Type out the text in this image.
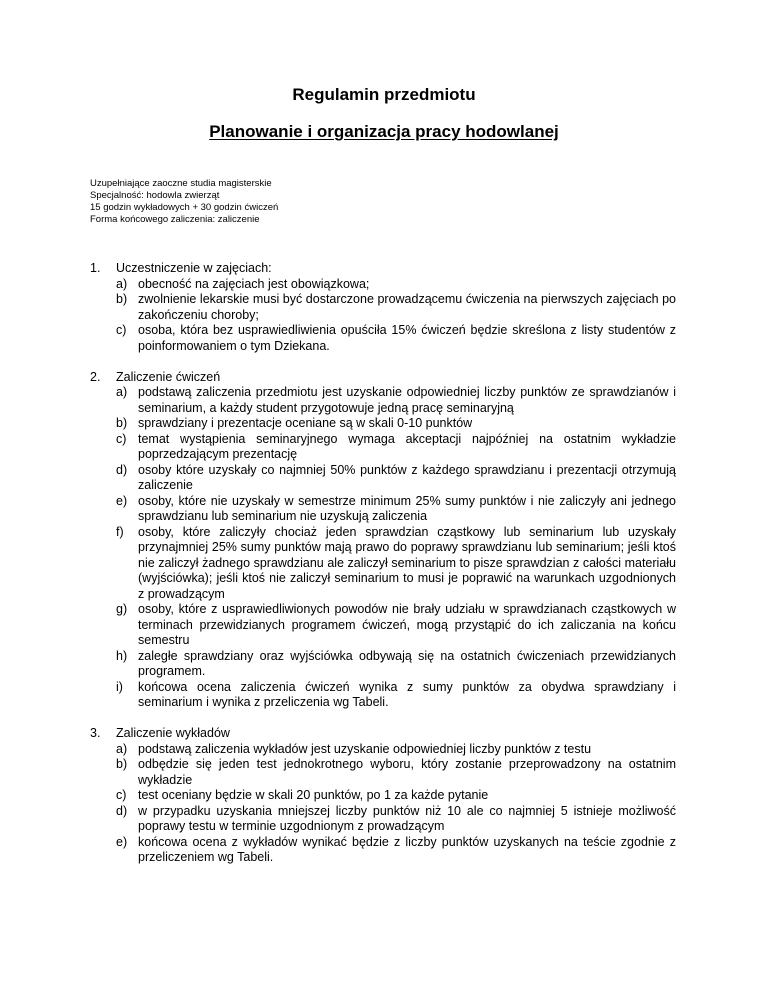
Regulamin przedmiotu
Planowanie i organizacja pracy hodowlanej
Uzupełniające zaoczne studia magisterskie
Specjalność: hodowla zwierząt
15 godzin wykładowych + 30 godzin ćwiczeń
Forma końcowego zaliczenia: zaliczenie
1. Uczestniczenie w zajęciach:
a) obecność na zajęciach jest obowiązkowa;
b) zwolnienie lekarskie musi być dostarczone prowadzącemu ćwiczenia na pierwszych zajęciach po zakończeniu choroby;
c) osoba, która bez usprawiedliwienia opuściła 15% ćwiczeń będzie skreślona z listy studentów z poinformowaniem o tym Dziekana.
2. Zaliczenie ćwiczeń
a) podstawą zaliczenia przedmiotu jest uzyskanie odpowiedniej liczby punktów ze sprawdzianów i seminarium, a każdy student przygotowuje jedną pracę seminaryjną
b) sprawdziany i prezentacje oceniane są w skali 0-10 punktów
c) temat wystąpienia seminaryjnego wymaga akceptacji najpóźniej na ostatnim wykładzie poprzedzającym prezentację
d) osoby które uzyskały co najmniej 50% punktów z każdego sprawdzianu i prezentacji otrzymują zaliczenie
e) osoby, które nie uzyskały w semestrze minimum 25% sumy punktów i nie zaliczyły ani jednego sprawdzianu lub seminarium nie uzyskują zaliczenia
f) osoby, które zaliczyły chociaż jeden sprawdzian cząstkowy lub seminarium lub uzyskały przynajmniej 25% sumy punktów mają prawo do poprawy sprawdzianu lub seminarium; jeśli ktoś nie zaliczył żadnego sprawdzianu ale zaliczył seminarium to pisze sprawdzian z całości materiału (wyjściówka); jeśli ktoś nie zaliczył seminarium to musi je poprawić na warunkach uzgodnionych z prowadzącym
g) osoby, które z usprawiedliwionych powodów nie brały udziału w sprawdzianach cząstkowych w terminach przewidzianych programem ćwiczeń, mogą przystąpić do ich zaliczania na końcu semestru
h) zaległe sprawdziany oraz wyjściówka odbywają się na ostatnich ćwiczeniach przewidzianych programem.
i) końcowa ocena zaliczenia ćwiczeń wynika z sumy punktów za obydwa sprawdziany i seminarium i wynika z przeliczenia wg Tabeli.
3. Zaliczenie wykładów
a) podstawą zaliczenia wykładów jest uzyskanie odpowiedniej liczby punktów z testu
b) odbędzie się jeden test jednokrotnego wyboru, który zostanie przeprowadzony na ostatnim wykładzie
c) test oceniany będzie w skali 20 punktów, po 1 za każde pytanie
d) w przypadku uzyskania mniejszej liczby punktów niż 10 ale co najmniej 5 istnieje możliwość poprawy testu w terminie uzgodnionym z prowadzącym
e) końcowa ocena z wykładów wynikać będzie z liczby punktów uzyskanych na teście zgodnie z przeliczeniem wg Tabeli.
